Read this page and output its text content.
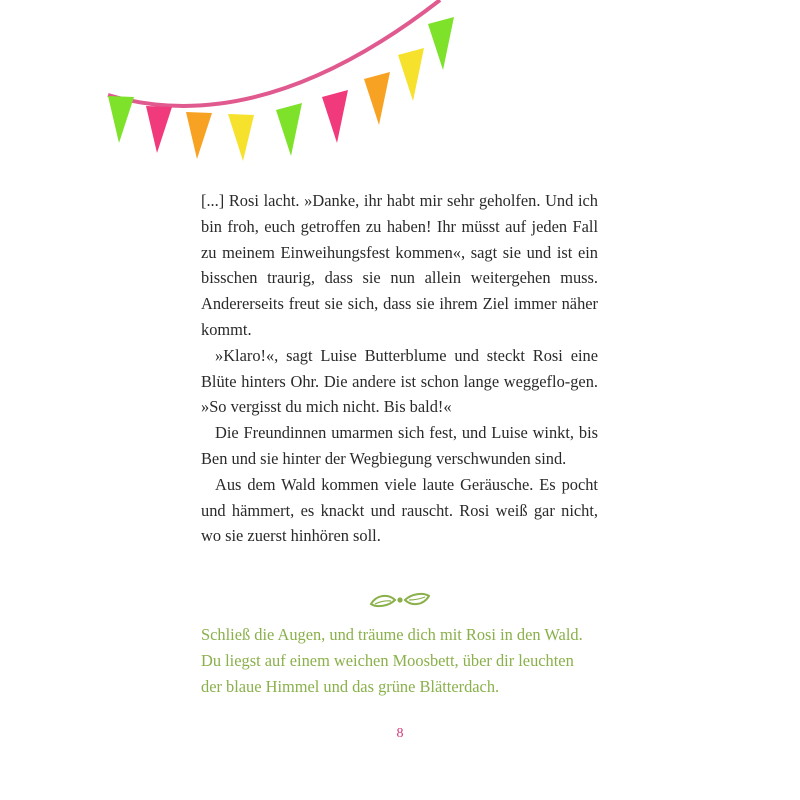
[...] Rosi lacht. »Danke, ihr habt mir sehr geholfen. Und ich bin froh, euch getroffen zu haben! Ihr müsst auf jeden Fall zu meinem Einweihungsfest kommen«, sagt sie und ist ein bisschen traurig, dass sie nun allein weitergehen muss. Andererseits freut sie sich, dass sie ihrem Ziel immer näher kommt.

»Klaro!«, sagt Luise Butterblume und steckt Rosi eine Blüte hinters Ohr. Die andere ist schon lange weggeflo-gen. »So vergisst du mich nicht. Bis bald!«

Die Freundinnen umarmen sich fest, und Luise winkt, bis Ben und sie hinter der Wegbiegung verschwunden sind.

Aus dem Wald kommen viele laute Geräusche. Es pocht und hämmert, es knackt und rauscht. Rosi weiß gar nicht, wo sie zuerst hinhören soll.

Schließ die Augen, und träume dich mit Rosi in den Wald.
Du liegst auf einem weichen Moosbett, über dir leuchten
der blaue Himmel und das grüne Blätterdach.
8
